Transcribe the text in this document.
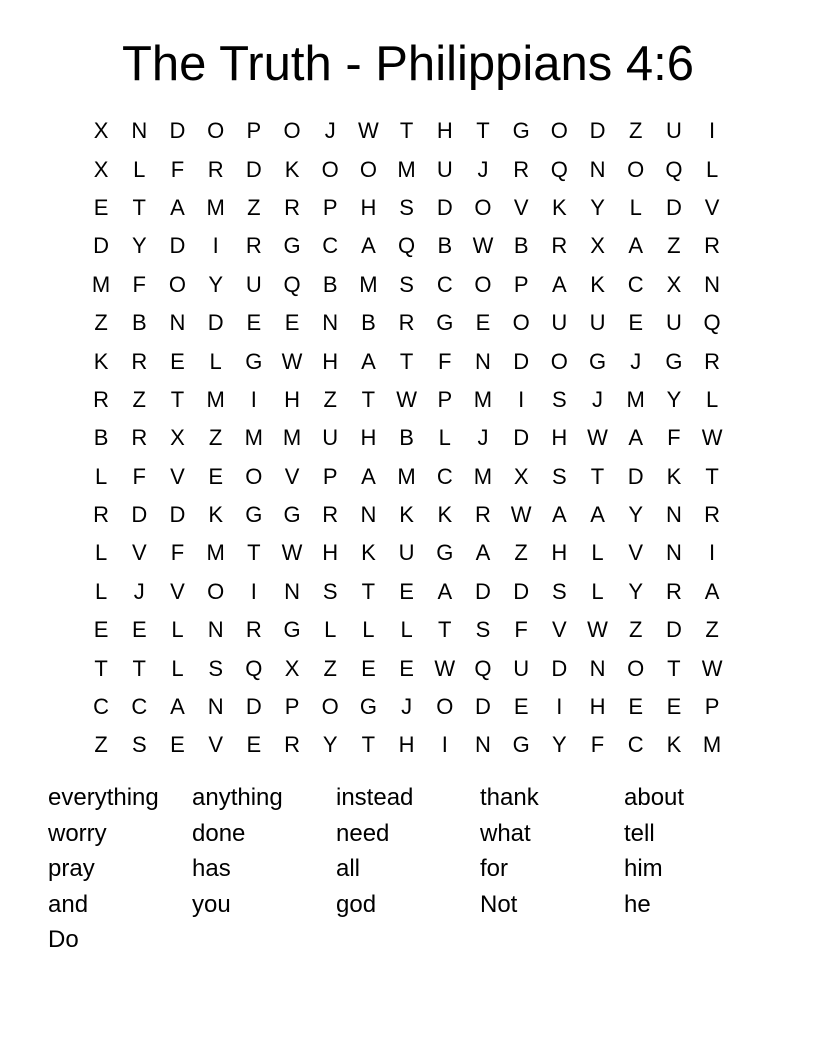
The Truth - Philippians 4:6
X	N	D O	P	O	J	W T	H	T	G O D	Z	U	I
X	L	F	R	D	K	O O M U	J	R Q N O Q	L
E	T	A M	Z	R	P	H	S	D O	V	K	Y	L	D	V
D	Y	D	I	R G C	A	Q	B W B	R	X	A	Z	R
M	F	O	Y	U Q	B M S	C O	P	A	K	C	X	N
Z	B	N	D	E	E	N	B	R G	E	O U	U	E	U Q
K	R	E	L	G W H	A	T	F	N	D O G	J	G R
R	Z	T	M	I	H	Z	T W P M	I	S	J	M Y	L
B	R	X	Z	M M U	H	B	L	J	D	H W A	F W
L	F	V	E	O	V	P	A M C M X	S	T	D	K	T
R	D	D	K	G G R	N	K	K	R W A	A	Y	N	R
L	V	F	M	T W H	K	U G	A	Z	H	L	V	N	I
L	J	V	O	I	N	S	T	E	A	D	D	S	L	Y	R	A
E	E	L	N	R G	L	L	L	T	S	F	V W Z	D	Z
T	T	L	S	Q	X	Z	E	E W Q U	D	N O	T W
C	C	A	N	D	P	O G	J	O D	E	I	H	E	E	P
Z	S	E	V	E	R	Y	T	H	I	N G	Y	F	C	K M
everything	anything	instead	thank	about
worry	done	need	what	tell
pray	has	all	for	him
and	you	god	Not	he
Do
